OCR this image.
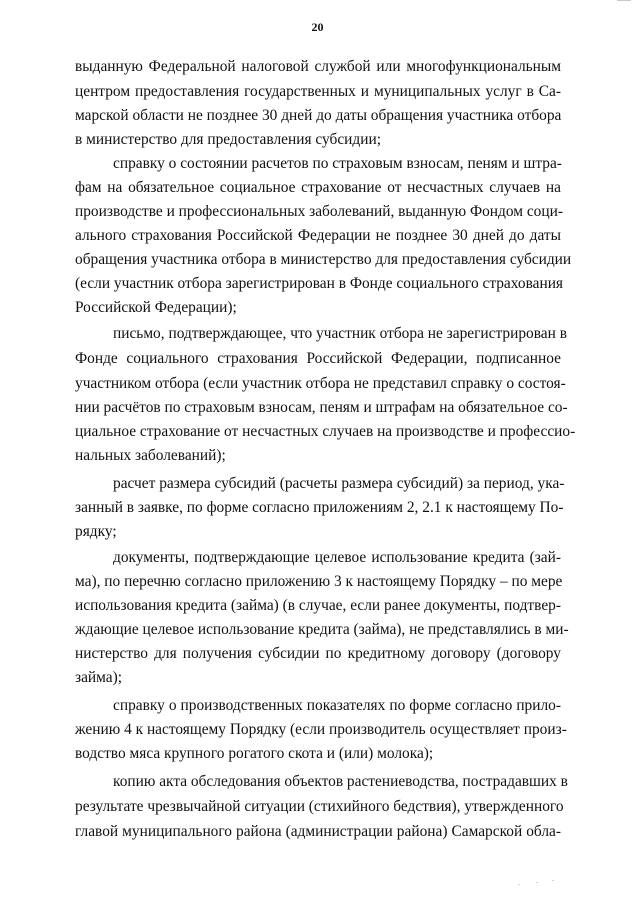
20
выданную Федеральной налоговой службой или многофункциональным
центром предоставления государственных и муниципальных услуг в Са-
марской области не позднее 30 дней до даты обращения участника отбора
в министерство для предоставления субсидии;
справку о состоянии расчетов по страховым взносам, пеням и штра-
фам на обязательное социальное страхование от несчастных случаев на
производстве и профессиональных заболеваний, выданную Фондом соци-
ального страхования Российской Федерации не позднее 30 дней до даты
обращения участника отбора в министерство для предоставления субсидии
(если участник отбора зарегистрирован в Фонде социального страхования
Российской Федерации);
письмо, подтверждающее, что участник отбора не зарегистрирован в
Фонде социального страхования Российской Федерации, подписанное
участником отбора (если участник отбора не представил справку о состоя-
нии расчётов по страховым взносам, пеням и штрафам на обязательное со-
циальное страхование от несчастных случаев на производстве и профессио-
нальных заболеваний);
расчет размера субсидий (расчеты размера субсидий) за период, ука-
занный в заявке, по форме согласно приложениям 2, 2.1 к настоящему По-
рядку;
документы, подтверждающие целевое использование кредита (зай-
ма), по перечню согласно приложению 3 к настоящему Порядку – по мере
использования кредита (займа) (в случае, если ранее документы, подтвер-
ждающие целевое использование кредита (займа), не представлялись в ми-
нистерство для получения субсидии по кредитному договору (договору
займа);
справку о производственных показателях по форме согласно прило-
жению 4 к настоящему Порядку (если производитель осуществляет произ-
водство мяса крупного рогатого скота и (или) молока);
копию акта обследования объектов растениеводства, пострадавших в
результате чрезвычайной ситуации (стихийного бедствия), утвержденного
главой муниципального района (администрации района) Самарской обла-
